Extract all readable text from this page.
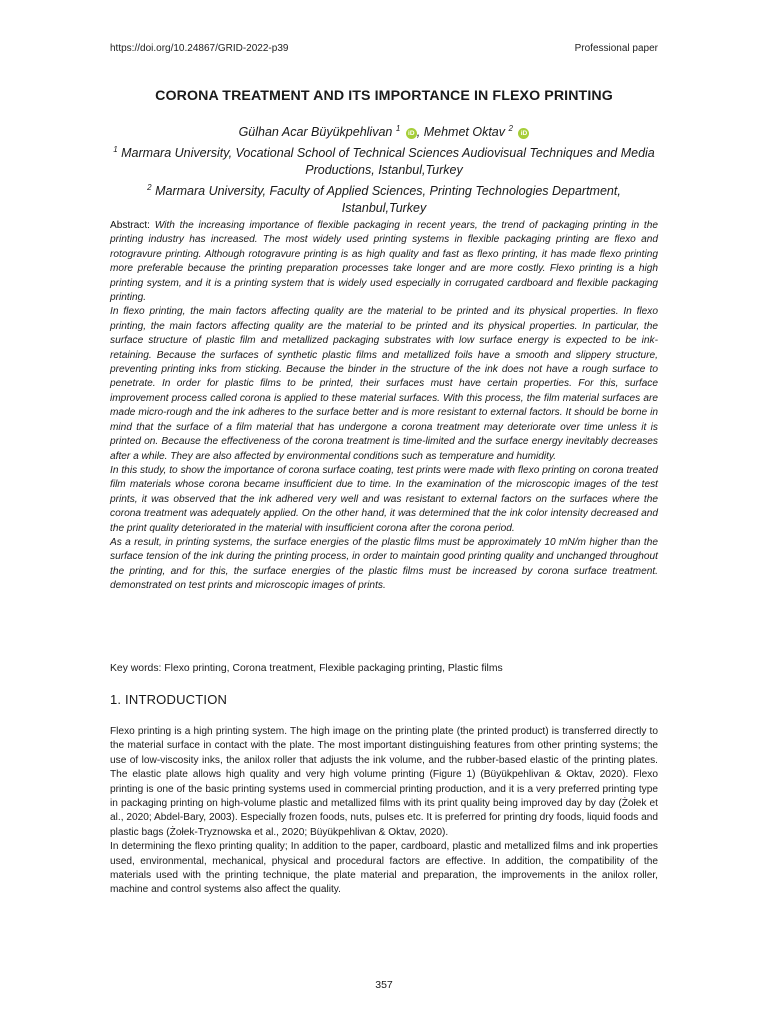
https://doi.org/10.24867/GRID-2022-p39	Professional paper
CORONA TREATMENT AND ITS IMPORTANCE IN FLEXO PRINTING
Gülhan Acar Büyükpehlivan $^1$ iD , Mehmet Oktav $^2$ iD
$^1$ Marmara University, Vocational School of Technical Sciences Audiovisual Techniques and Media Productions, Istanbul,Turkey
$^2$ Marmara University, Faculty of Applied Sciences, Printing Technologies Department, Istanbul,Turkey

Abstract: With the increasing importance of flexible packaging in recent years, the trend of packaging printing in the printing industry has increased. The most widely used printing systems in flexible packaging printing are flexo and rotogravure printing. Although rotogravure printing is as high quality and fast as flexo printing, it has made flexo printing more preferable because the printing preparation processes take longer and are more costly. Flexo printing is a high printing system, and it is a printing system that is widely used especially in corrugated cardboard and flexible packaging printing.

In flexo printing, the main factors affecting quality are the material to be printed and its physical properties. In flexo printing, the main factors affecting quality are the material to be printed and its physical properties. In particular, the surface structure of plastic film and metallized packaging substrates with low surface energy is expected to be ink-retaining. Because the surfaces of synthetic plastic films and metallized foils have a smooth and slippery structure, preventing printing inks from sticking. Because the binder in the structure of the ink does not have a rough surface to penetrate. In order for plastic films to be printed, their surfaces must have certain properties. For this, surface improvement process called corona is applied to these material surfaces. With this process, the film material surfaces are made micro-rough and the ink adheres to the surface better and is more resistant to external factors. It should be borne in mind that the surface of a film material that has undergone a corona treatment may deteriorate over time unless it is printed on. Because the effectiveness of the corona treatment is time-limited and the surface energy inevitably decreases after a while. They are also affected by environmental conditions such as temperature and humidity.

In this study, to show the importance of corona surface coating, test prints were made with flexo printing on corona treated film materials whose corona became insufficient due to time. In the examination of the microscopic images of the test prints, it was observed that the ink adhered very well and was resistant to external factors on the surfaces where the corona treatment was adequately applied. On the other hand, it was determined that the ink color intensity decreased and the print quality deteriorated in the material with insufficient corona after the corona period.

As a result, in printing systems, the surface energies of the plastic films must be approximately 10 mN/m higher than the surface tension of the ink during the printing process, in order to maintain good printing quality and unchanged throughout the printing, and for this, the surface energies of the plastic films must be increased by corona surface treatment. demonstrated on test prints and microscopic images of prints.

Key words: Flexo printing, Corona treatment, Flexible packaging printing, Plastic films
1. INTRODUCTION

Flexo printing is a high printing system. The high image on the printing plate (the printed product) is transferred directly to the material surface in contact with the plate. The most important distinguishing features from other printing systems; the use of low-viscosity inks, the anilox roller that adjusts the ink volume, and the rubber-based elastic of the printing plates. The elastic plate allows high quality and very high volume printing (Figure 1) (Büyükpehlivan & Oktav, 2020). Flexo printing is one of the basic printing systems used in commercial printing production, and it is a very preferred printing type in packaging printing on high-volume plastic and metallized films with its print quality being improved day by day (Żołek et al., 2020; Abdel-Bary, 2003). Especially frozen foods, nuts, pulses etc. It is preferred for printing dry foods, liquid foods and plastic bags (Żołek-Tryznowska et al., 2020; Büyükpehlivan & Oktav, 2020).

In determining the flexo printing quality; In addition to the paper, cardboard, plastic and metallized films and ink properties used, environmental, mechanical, physical and procedural factors are effective. In addition, the compatibility of the materials used with the printing technique, the plate material and preparation, the improvements in the anilox roller, machine and control systems also affect the quality.

357
